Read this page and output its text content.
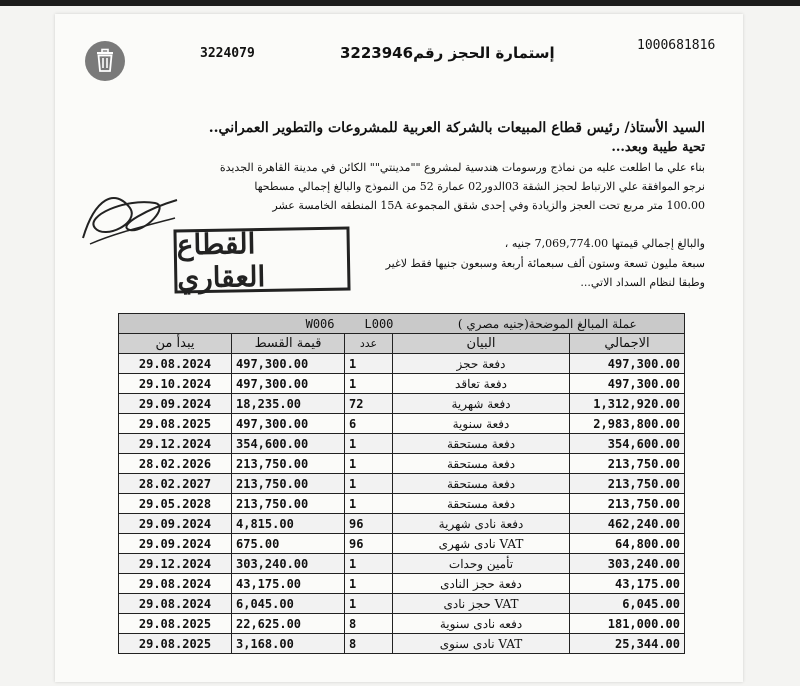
1000681816
إستمارة الحجز رقم3223946
3224079
السيد الأستاذ/ رئيس قطاع المبيعات بالشركة العربية للمشروعات والتطوير العمراني..
تحية طيبة وبعد...
بناء علي ما اطلعت عليه من نماذج ورسومات هندسية لمشروع ""مدينتي"" الكائن في مدينة القاهرة الجديدة
نرجو الموافقة علي الارتباط لحجز الشقة 03الدور02 عمارة 52 من النموذج والبالغ إجمالي مسطحها
100.00 متر مربع تحت العجز والزيادة وفي إحدى شقق المجموعة 15A المنطقه الخامسة عشر
والبالغ إجمالي قيمتها 7,069,774.00 جنيه ،
سبعة مليون تسعة وستون ألف سبعمائة أربعة وسبعون جنيها فقط لاغير
وطبقا لنظام السداد الاتي...
القطاع العقاري
W006		L000 عملة المبالغ الموضحة(جنيه مصري )		
يبدأ من	قيمة القسط	عدد	البيان	الاجمالي
29.08.2024	497,300.00	1	دفعة حجز	497,300.00
29.10.2024	497,300.00	1	دفعة تعاقد	497,300.00
29.09.2024	18,235.00	72	دفعة شهرية	1,312,920.00
29.08.2025	497,300.00	6	دفعة سنوية	2,983,800.00
29.12.2024	354,600.00	1	دفعة مستحقة	354,600.00
28.02.2026	213,750.00	1	دفعة مستحقة	213,750.00
28.02.2027	213,750.00	1	دفعة مستحقة	213,750.00
29.05.2028	213,750.00	1	دفعة مستحقة	213,750.00
29.09.2024	4,815.00	96	دفعة نادى شهرية	462,240.00
29.09.2024	675.00	96	VAT نادى شهرى	64,800.00
29.12.2024	303,240.00	1	تأمين وحدات	303,240.00
29.08.2024	43,175.00	1	دفعة حجز النادى	43,175.00
29.08.2024	6,045.00	1	VAT حجز نادى	6,045.00
29.08.2025	22,625.00	8	دفعه نادى سنوية	181,000.00
29.08.2025	3,168.00	8	VAT نادى سنوى	25,344.00
